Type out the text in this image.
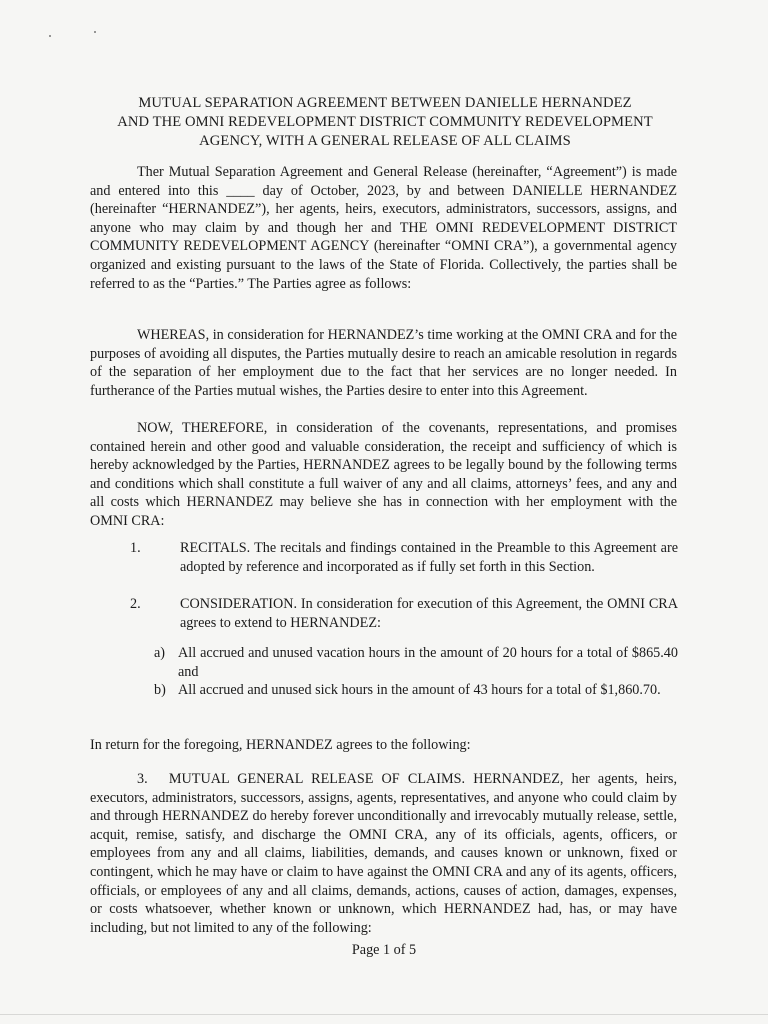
MUTUAL SEPARATION AGREEMENT BETWEEN DANIELLE HERNANDEZ
AND THE OMNI REDEVELOPMENT DISTRICT COMMUNITY REDEVELOPMENT
AGENCY, WITH A GENERAL RELEASE OF ALL CLAIMS

Ther Mutual Separation Agreement and General Release (hereinafter, “Agreement”) is made and entered into this ____ day of October, 2023, by and between DANIELLE HERNANDEZ (hereinafter “HERNANDEZ”), her agents, heirs, executors, administrators, successors, assigns, and anyone who may claim by and though her and THE OMNI REDEVELOPMENT DISTRICT COMMUNITY REDEVELOPMENT AGENCY (hereinafter “OMNI CRA”), a governmental agency organized and existing pursuant to the laws of the State of Florida. Collectively, the parties shall be referred to as the “Parties.” The Parties agree as follows:

WHEREAS, in consideration for HERNANDEZ’s time working at the OMNI CRA and for the purposes of avoiding all disputes, the Parties mutually desire to reach an amicable resolution in regards of the separation of her employment due to the fact that her services are no longer needed. In furtherance of the Parties mutual wishes, the Parties desire to enter into this Agreement.

NOW, THEREFORE, in consideration of the covenants, representations, and promises contained herein and other good and valuable consideration, the receipt and sufficiency of which is hereby acknowledged by the Parties, HERNANDEZ agrees to be legally bound by the following terms and conditions which shall constitute a full waiver of any and all claims, attorneys’ fees, and any and all costs which HERNANDEZ may believe she has in connection with her employment with the OMNI CRA:

1.	RECITALS. The recitals and findings contained in the Preamble to this Agreement are adopted by reference and incorporated as if fully set forth in this Section.
2.	CONSIDERATION. In consideration for execution of this Agreement, the OMNI CRA agrees to extend to HERNANDEZ:
a) All accrued and unused vacation hours in the amount of 20 hours for a total of $865.40 and
b) All accrued and unused sick hours in the amount of 43 hours for a total of $1,860.70.

In return for the foregoing, HERNANDEZ agrees to the following:

3.   MUTUAL GENERAL RELEASE OF CLAIMS. HERNANDEZ, her agents, heirs, executors, administrators, successors, assigns, agents, representatives, and anyone who could claim by and through HERNANDEZ do hereby forever unconditionally and irrevocably mutually release, settle, acquit, remise, satisfy, and discharge the OMNI CRA, any of its officials, agents, officers, or employees from any and all claims, liabilities, demands, and causes known or unknown, fixed or contingent, which he may have or claim to have against the OMNI CRA and any of its agents, officers, officials, or employees of any and all claims, demands, actions, causes of action, damages, expenses, or costs whatsoever, whether known or unknown, which HERNANDEZ had, has, or may have including, but not limited to any of the following:
Page 1 of 5
